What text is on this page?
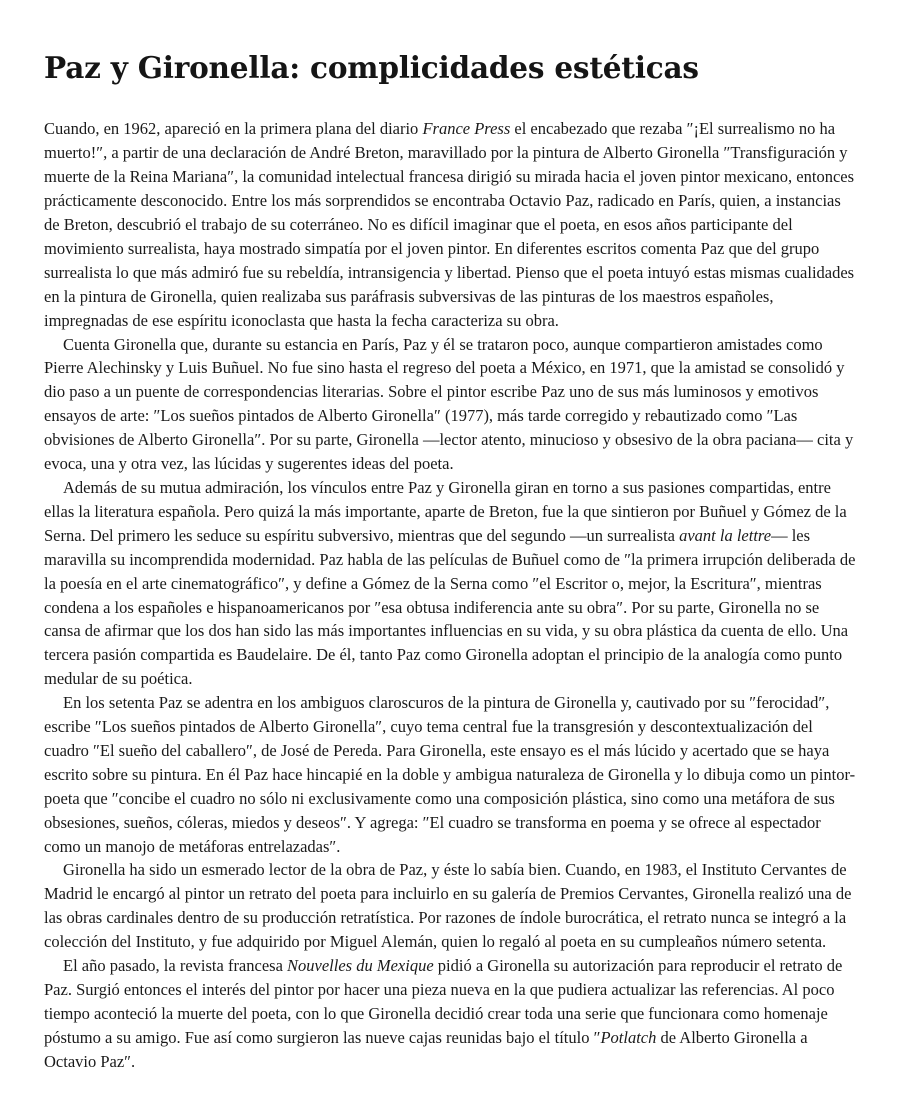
Paz y Gironella: complicidades estéticas

Cuando, en 1962, apareció en la primera plana del diario France Press el encabezado que rezaba ″¡El surrealismo no ha muerto!″, a partir de una declaración de André Breton, maravillado por la pintura de Alberto Gironella ″Transfiguración y muerte de la Reina Mariana″, la comunidad intelectual francesa dirigió su mirada hacia el joven pintor mexicano, entonces prácticamente desconocido. Entre los más sorprendidos se encontraba Octavio Paz, radicado en París, quien, a instancias de Breton, descubrió el trabajo de su coterráneo. No es difícil imaginar que el poeta, en esos años participante del movimiento surrealista, haya mostrado simpatía por el joven pintor. En diferentes escritos comenta Paz que del grupo surrealista lo que más admiró fue su rebeldía, intransigencia y libertad. Pienso que el poeta intuyó estas mismas cualidades en la pintura de Gironella, quien realizaba sus paráfrasis subversivas de las pinturas de los maestros españoles, impregnadas de ese espíritu iconoclasta que hasta la fecha caracteriza su obra.

Cuenta Gironella que, durante su estancia en París, Paz y él se trataron poco, aunque compartieron amistades como Pierre Alechinsky y Luis Buñuel. No fue sino hasta el regreso del poeta a México, en 1971, que la amistad se consolidó y dio paso a un puente de correspondencias literarias. Sobre el pintor escribe Paz uno de sus más luminosos y emotivos ensayos de arte: ″Los sueños pintados de Alberto Gironella″ (1977), más tarde corregido y rebautizado como ″Las obvisiones de Alberto Gironella″. Por su parte, Gironella —lector atento, minucioso y obsesivo de la obra paciana— cita y evoca, una y otra vez, las lúcidas y sugerentes ideas del poeta.

Además de su mutua admiración, los vínculos entre Paz y Gironella giran en torno a sus pasiones compartidas, entre ellas la literatura española. Pero quizá la más importante, aparte de Breton, fue la que sintieron por Buñuel y Gómez de la Serna. Del primero les seduce su espíritu subversivo, mientras que del segundo —un surrealista avant la lettre— les maravilla su incomprendida modernidad. Paz habla de las películas de Buñuel como de ″la primera irrupción deliberada de la poesía en el arte cinematográfico″, y define a Gómez de la Serna como ″el Escritor o, mejor, la Escritura″, mientras condena a los españoles e hispanoamericanos por ″esa obtusa indiferencia ante su obra″. Por su parte, Gironella no se cansa de afirmar que los dos han sido las más importantes influencias en su vida, y su obra plástica da cuenta de ello. Una tercera pasión compartida es Baudelaire. De él, tanto Paz como Gironella adoptan el principio de la analogía como punto medular de su poética.

En los setenta Paz se adentra en los ambiguos claroscuros de la pintura de Gironella y, cautivado por su ″ferocidad″, escribe ″Los sueños pintados de Alberto Gironella″, cuyo tema central fue la transgresión y descontextualización del cuadro ″El sueño del caballero″, de José de Pereda. Para Gironella, este ensayo es el más lúcido y acertado que se haya escrito sobre su pintura. En él Paz hace hincapié en la doble y ambigua naturaleza de Gironella y lo dibuja como un pintor-poeta que ″concibe el cuadro no sólo ni exclusivamente como una composición plástica, sino como una metáfora de sus obsesiones, sueños, cóleras, miedos y deseos″. Y agrega: ″El cuadro se transforma en poema y se ofrece al espectador como un manojo de metáforas entrelazadas″.

Gironella ha sido un esmerado lector de la obra de Paz, y éste lo sabía bien. Cuando, en 1983, el Instituto Cervantes de Madrid le encargó al pintor un retrato del poeta para incluirlo en su galería de Premios Cervantes, Gironella realizó una de las obras cardinales dentro de su producción retratística. Por razones de índole burocrática, el retrato nunca se integró a la colección del Instituto, y fue adquirido por Miguel Alemán, quien lo regaló al poeta en su cumpleaños número setenta.

El año pasado, la revista francesa Nouvelles du Mexique pidió a Gironella su autorización para reproducir el retrato de Paz. Surgió entonces el interés del pintor por hacer una pieza nueva en la que pudiera actualizar las referencias. Al poco tiempo aconteció la muerte del poeta, con lo que Gironella decidió crear toda una serie que funcionara como homenaje póstumo a su amigo. Fue así como surgieron las nueve cajas reunidas bajo el título ″Potlatch de Alberto Gironella a Octavio Paz″.
